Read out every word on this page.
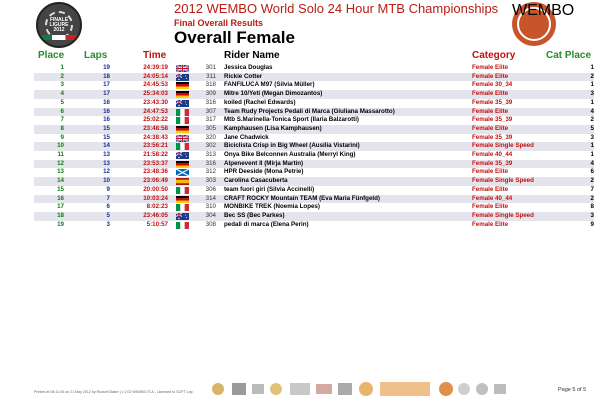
FINALE LIGURE 2012
WEMBO
2012 WEMBO World Solo 24 Hour MTB Championships
Final Overall Results
Overall Female
Place Laps	Time	Rider Name	Category	Cat Place
1	19	24:39:19	301 Jessica Douglas	Female Elite	1
2	18	24:05:14	311 Rickie Cotter	Female Elite	2
3	17	24:45:53	318 FANFILUCA M97 (Silvia Müller)	Female 30_34	1
4	17	25:34:03	309 Mitre 10/Yeti (Megan Dimozantos)	Female Elite	3
5	16	23:43:30	316 koiled (Rachel Edwards)	Female 35_39	1
6	16	24:47:53	307 Team Rudy Projects Pedali di Marca (Giuliana Massarotto)	Female Elite	4
7	16	25:02:22	317 Mtb S.Marinella-Tonica Sport (Ilaria Balzarotti)	Female 35_39	2
8	15	23:48:58	305 Kamphausen (Lisa Kamphausen)	Female Elite	5
9	15	24:38:43	320 Jane Chadwick	Female 35_39	3
10	14	23:56:21	302 Biciclista Crisp in Big Wheel (Ausilia Vistarini)	Female Single Speed	1
11	13	21:58:22	313 Onya Bike Belconnen Australia (Merryl King)	Female 40_44	1
12	13	23:53:37	316 Alpenevent II (Mirja Martin)	Female 35_39	4
13	12	23:48:36	312 HPR Deeside (Mona Petrie)	Female Elite	6
14	10	23:06:49	303 Carolina Casacuberta	Female Single Speed	2
15	9	20:00:50	306 team fuori giri (Silvia Accinelli)	Female Elite	7
16	7	10:03:24	314 CRAFT ROCKY Mountain TEAM (Eva Maria Fünfgeld)	Female 40_44	2
17	6	8:02:23	310 MONBIKE TREK (Noemia Lopes)	Female Elite	8
18	5	23:46:05	304 Bec SS (Bec Parkes)	Female Single Speed	3
19	3	5:10:57	308 pedali di marca (Elena Perin)	Female Elite	9
Printed at 08:11:40 on 21 May 2012 by Russell Baker | v 2.02 WEMBO IT.A - Licensed to SOFT Lap	Page 5 of 5
